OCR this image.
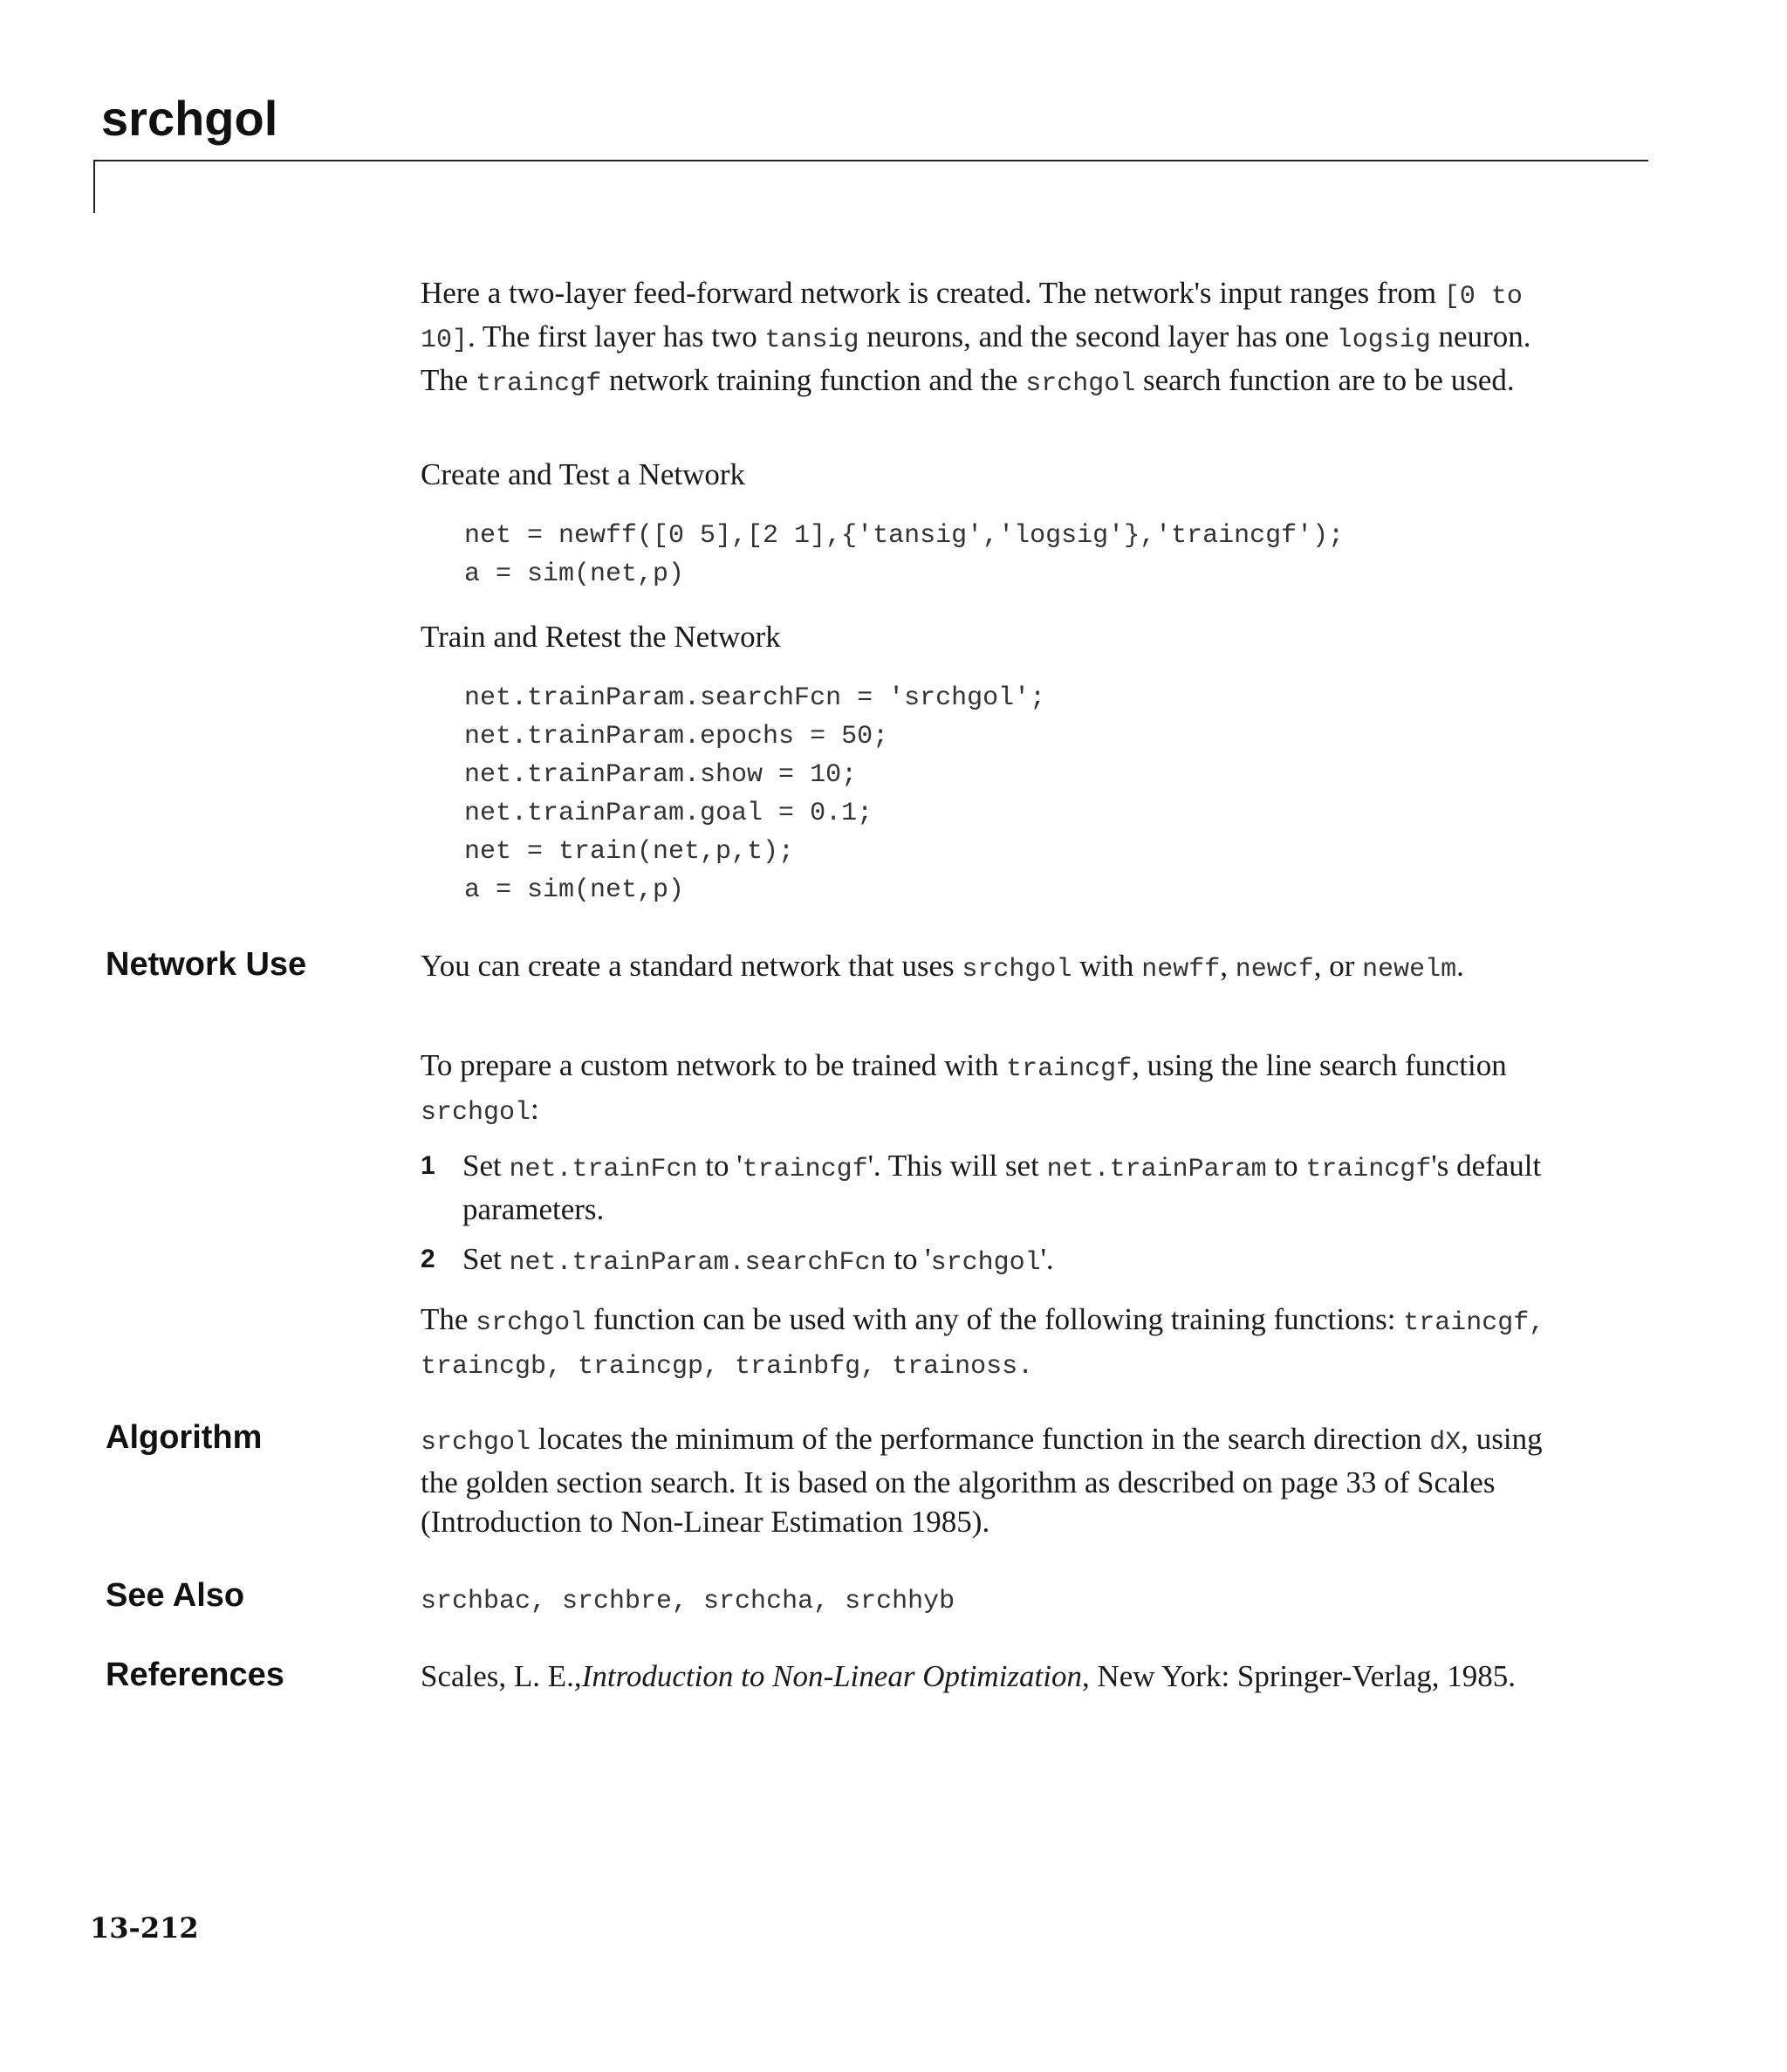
srchgol

Here a two-layer feed-forward network is created. The network's input ranges from [0 to 10]. The first layer has two tansig neurons, and the second layer has one logsig neuron. The traincgf network training function and the srchgol search function are to be used.

Create and Test a Network
net = newff([0 5],[2 1],{'tansig','logsig'},'traincgf');
a = sim(net,p)
Train and Retest the Network
net.trainParam.searchFcn = 'srchgol';
net.trainParam.epochs = 50;
net.trainParam.show = 10;
net.trainParam.goal = 0.1;
net = train(net,p,t);
a = sim(net,p)
Network Use	You can create a standard network that uses srchgol with newff, newcf, or newelm.

To prepare a custom network to be trained with traincgf, using the line search function srchgol:

1 Set net.trainFcn to 'traincgf'. This will set net.trainParam to traincgf's default parameters.
2 Set net.trainParam.searchFcn to 'srchgol'.

The srchgol function can be used with any of the following training functions: traincgf, traincgb, traincgp, trainbfg, trainoss.

Algorithm	srchgol locates the minimum of the performance function in the search direction dX, using the golden section search. It is based on the algorithm as described on page 33 of Scales (Introduction to Non-Linear Estimation 1985).

See Also	srchbac, srchbre, srchcha, srchhyb

References	Scales, L. E.,Introduction to Non-Linear Optimization, New York: Springer-Verlag, 1985.

13-212
